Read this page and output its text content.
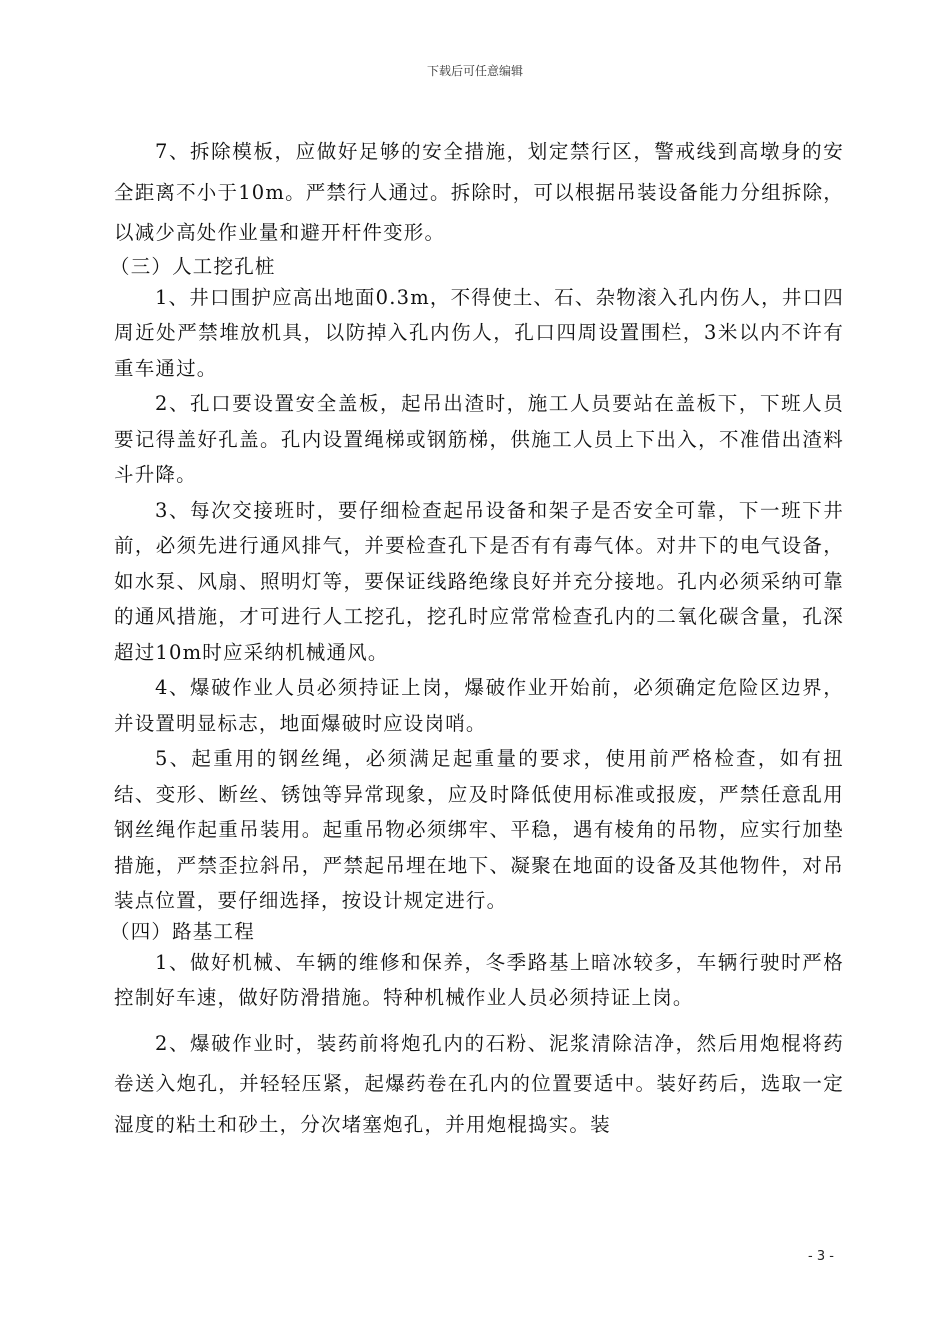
下载后可任意编辑

7、拆除模板，应做好足够的安全措施，划定禁行区，警戒线到高墩身的安全距离不小于10m。严禁行人通过。拆除时，可以根据吊装设备能力分组拆除，以减少高处作业量和避开杆件变形。

（三）人工挖孔桩

1、井口围护应高出地面0.3m，不得使土、石、杂物滚入孔内伤人，井口四周近处严禁堆放机具，以防掉入孔内伤人，孔口四周设置围栏，3米以内不许有重车通过。

2、孔口要设置安全盖板，起吊出渣时，施工人员要站在盖板下，下班人员要记得盖好孔盖。孔内设置绳梯或钢筋梯，供施工人员上下出入，不准借出渣料斗升降。

3、每次交接班时，要仔细检查起吊设备和架子是否安全可靠，下一班下井前，必须先进行通风排气，并要检查孔下是否有有毒气体。对井下的电气设备，如水泵、风扇、照明灯等，要保证线路绝缘良好并充分接地。孔内必须采纳可靠的通风措施，才可进行人工挖孔，挖孔时应常常检查孔内的二氧化碳含量，孔深超过10m时应采纳机械通风。

4、爆破作业人员必须持证上岗，爆破作业开始前，必须确定危险区边界，并设置明显标志，地面爆破时应设岗哨。

5、起重用的钢丝绳，必须满足起重量的要求，使用前严格检查，如有扭结、变形、断丝、锈蚀等异常现象，应及时降低使用标准或报废，严禁任意乱用钢丝绳作起重吊装用。起重吊物必须绑牢、平稳，遇有棱角的吊物，应实行加垫措施，严禁歪拉斜吊，严禁起吊埋在地下、凝聚在地面的设备及其他物件，对吊装点位置，要仔细选择，按设计规定进行。

（四）路基工程

1、做好机械、车辆的维修和保养，冬季路基上暗冰较多，车辆行驶时严格控制好车速，做好防滑措施。特种机械作业人员必须持证上岗。

2、爆破作业时，装药前将炮孔内的石粉、泥浆清除洁净，然后用炮棍将药卷送入炮孔，并轻轻压紧，起爆药卷在孔内的位置要适中。装好药后，选取一定湿度的粘土和砂土，分次堵塞炮孔，并用炮棍捣实。装

- 3 -
